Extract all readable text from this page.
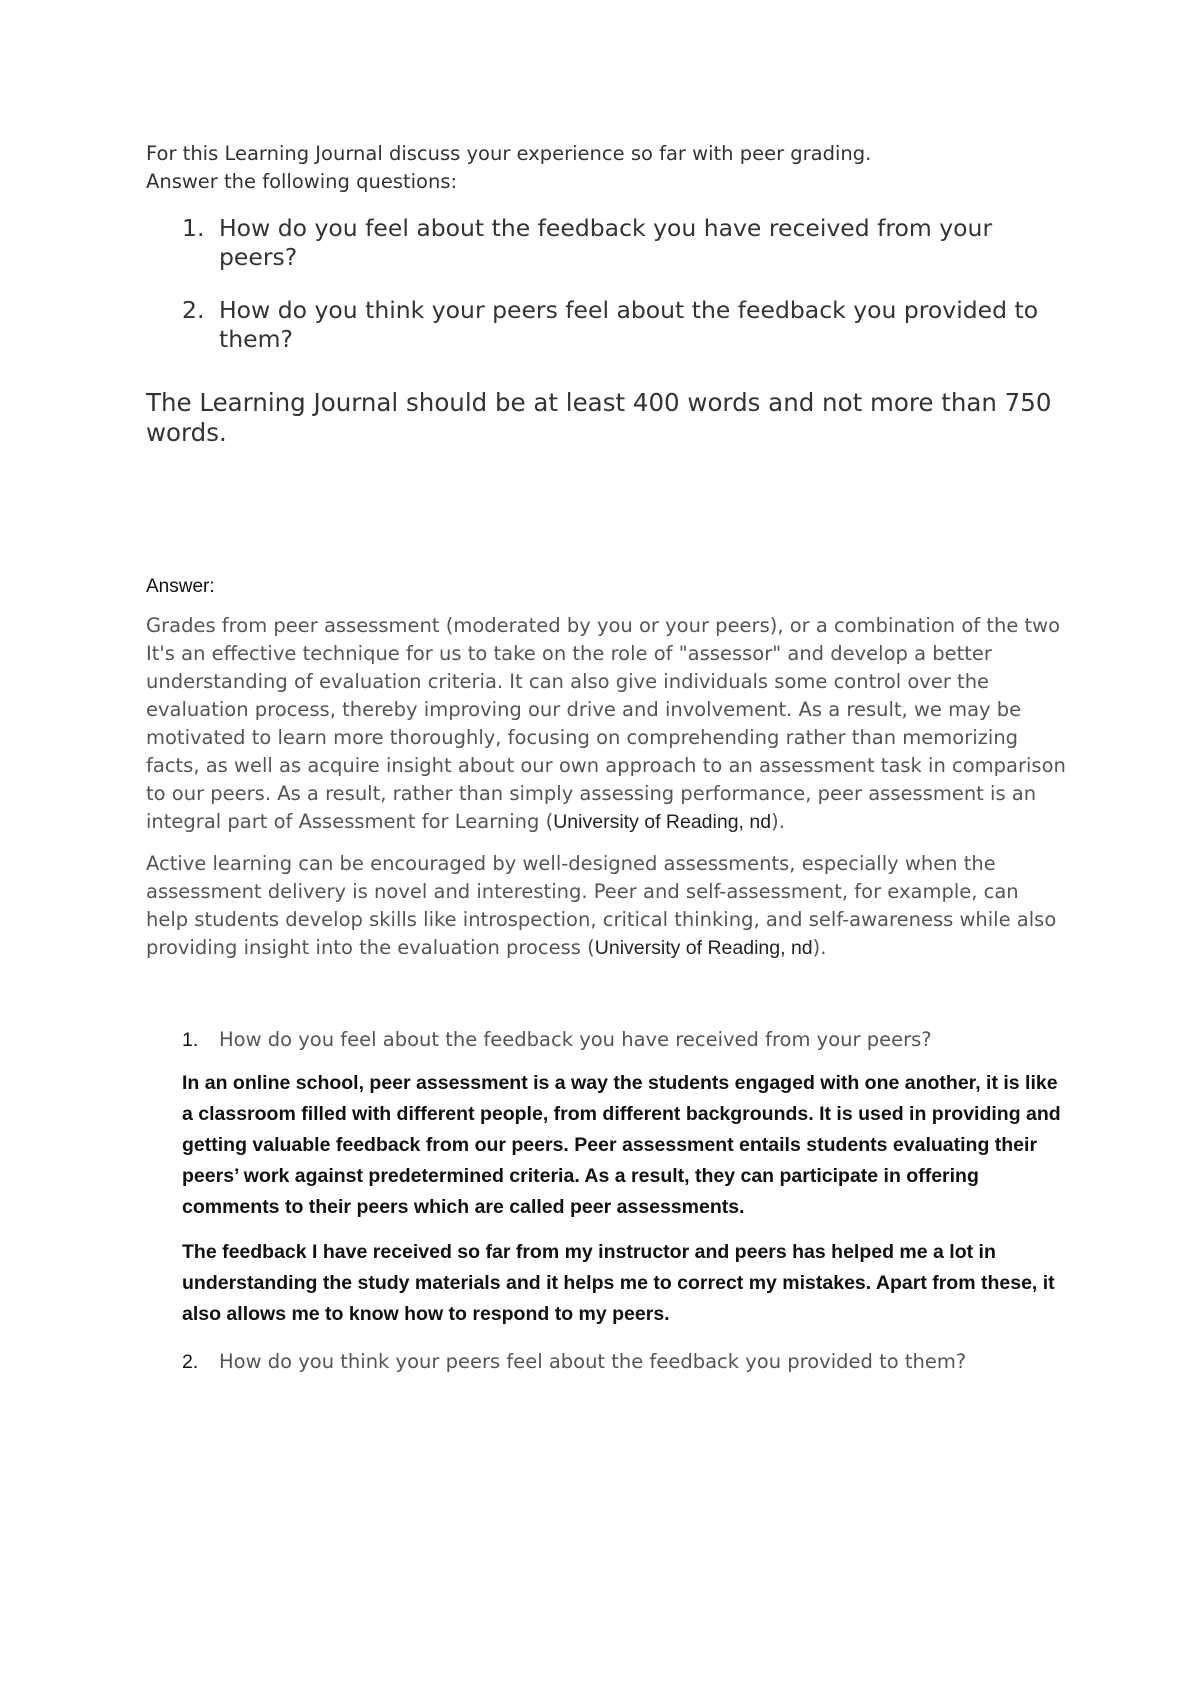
For this Learning Journal discuss your experience so far with peer grading.
Answer the following questions:

1. How do you feel about the feedback you have received from your peers?
2. How do you think your peers feel about the feedback you provided to them?

The Learning Journal should be at least 400 words and not more than 750 words.

Answer:

Grades from peer assessment (moderated by you or your peers), or a combination of the two It's an effective technique for us to take on the role of "assessor" and develop a better understanding of evaluation criteria. It can also give individuals some control over the evaluation process, thereby improving our drive and involvement. As a result, we may be motivated to learn more thoroughly, focusing on comprehending rather than memorizing facts, as well as acquire insight about our own approach to an assessment task in comparison to our peers. As a result, rather than simply assessing performance, peer assessment is an integral part of Assessment for Learning (University of Reading, nd).

Active learning can be encouraged by well-designed assessments, especially when the assessment delivery is novel and interesting. Peer and self-assessment, for example, can help students develop skills like introspection, critical thinking, and self-awareness while also providing insight into the evaluation process (University of Reading, nd).

1.	How do you feel about the feedback you have received from your peers?

In an online school, peer assessment is a way the students engaged with one another, it is like a classroom filled with different people, from different backgrounds. It is used in providing and getting valuable feedback from our peers. Peer assessment entails students evaluating their peers’ work against predetermined criteria. As a result, they can participate in offering comments to their peers which are called peer assessments.

The feedback I have received so far from my instructor and peers has helped me a lot in understanding the study materials and it helps me to correct my mistakes. Apart from these, it also allows me to know how to respond to my peers.

2.	How do you think your peers feel about the feedback you provided to them?
